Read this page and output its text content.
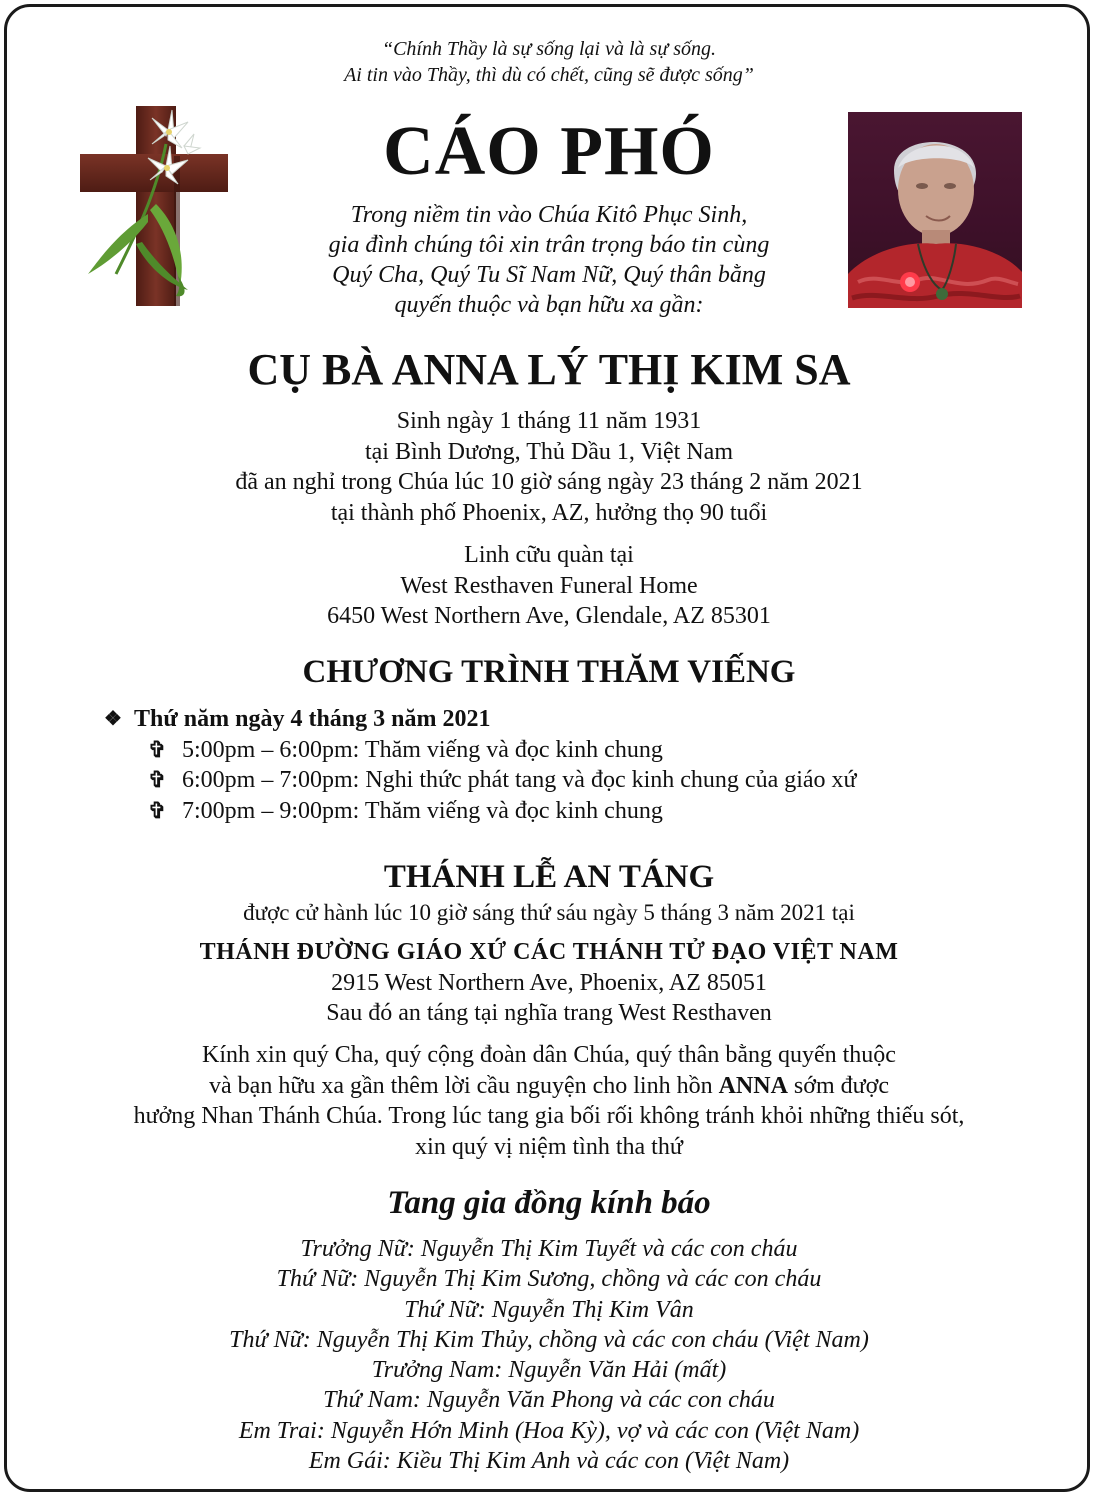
“Chính Thầy là sự sống lại và là sự sống.
Ai tin vào Thầy, thì dù có chết, cũng sẽ được sống”
CÁO PHÓ
Trong niềm tin vào Chúa Kitô Phục Sinh,
gia đình chúng tôi xin trân trọng báo tin cùng
Quý Cha, Quý Tu Sĩ Nam Nữ, Quý thân bằng
quyến thuộc và bạn hữu xa gần:
CỤ BÀ ANNA LÝ THỊ KIM SA
Sinh ngày 1 tháng 11 năm 1931
tại Bình Dương, Thủ Dầu 1, Việt Nam
đã an nghỉ trong Chúa lúc 10 giờ sáng ngày 23 tháng 2 năm 2021
tại thành phố Phoenix, AZ, hưởng thọ 90 tuổi
Linh cữu quàn tại
West Resthaven Funeral Home
6450 West Northern Ave, Glendale, AZ 85301
CHƯƠNG TRÌNH THĂM VIẾNG
❖ Thứ năm ngày 4 tháng 3 năm 2021
✞ 5:00pm – 6:00pm: Thăm viếng và đọc kinh chung
✞ 6:00pm – 7:00pm: Nghi thức phát tang và đọc kinh chung của giáo xứ
✞ 7:00pm – 9:00pm: Thăm viếng và đọc kinh chung
THÁNH LỄ AN TÁNG
được cử hành lúc 10 giờ sáng thứ sáu ngày 5 tháng 3 năm 2021 tại
THÁNH ĐƯỜNG GIÁO XỨ CÁC THÁNH TỬ ĐẠO VIỆT NAM
2915 West Northern Ave, Phoenix, AZ 85051
Sau đó an táng tại nghĩa trang West Resthaven
Kính xin quý Cha, quý cộng đoàn dân Chúa, quý thân bằng quyến thuộc
và bạn hữu xa gần thêm lời cầu nguyện cho linh hồn ANNA sớm được
hưởng Nhan Thánh Chúa. Trong lúc tang gia bối rối không tránh khỏi những thiếu sót,
xin quý vị niệm tình tha thứ
Tang gia đồng kính báo
Trưởng Nữ: Nguyễn Thị Kim Tuyết và các con cháu
Thứ Nữ: Nguyễn Thị Kim Sương, chồng và các con cháu
Thứ Nữ: Nguyễn Thị Kim Vân
Thứ Nữ: Nguyễn Thị Kim Thủy, chồng và các con cháu (Việt Nam)
Trưởng Nam: Nguyễn Văn Hải (mất)
Thứ Nam: Nguyễn Văn Phong và các con cháu
Em Trai: Nguyễn Hớn Minh (Hoa Kỳ), vợ và các con (Việt Nam)
Em Gái: Kiều Thị Kim Anh và các con (Việt Nam)
